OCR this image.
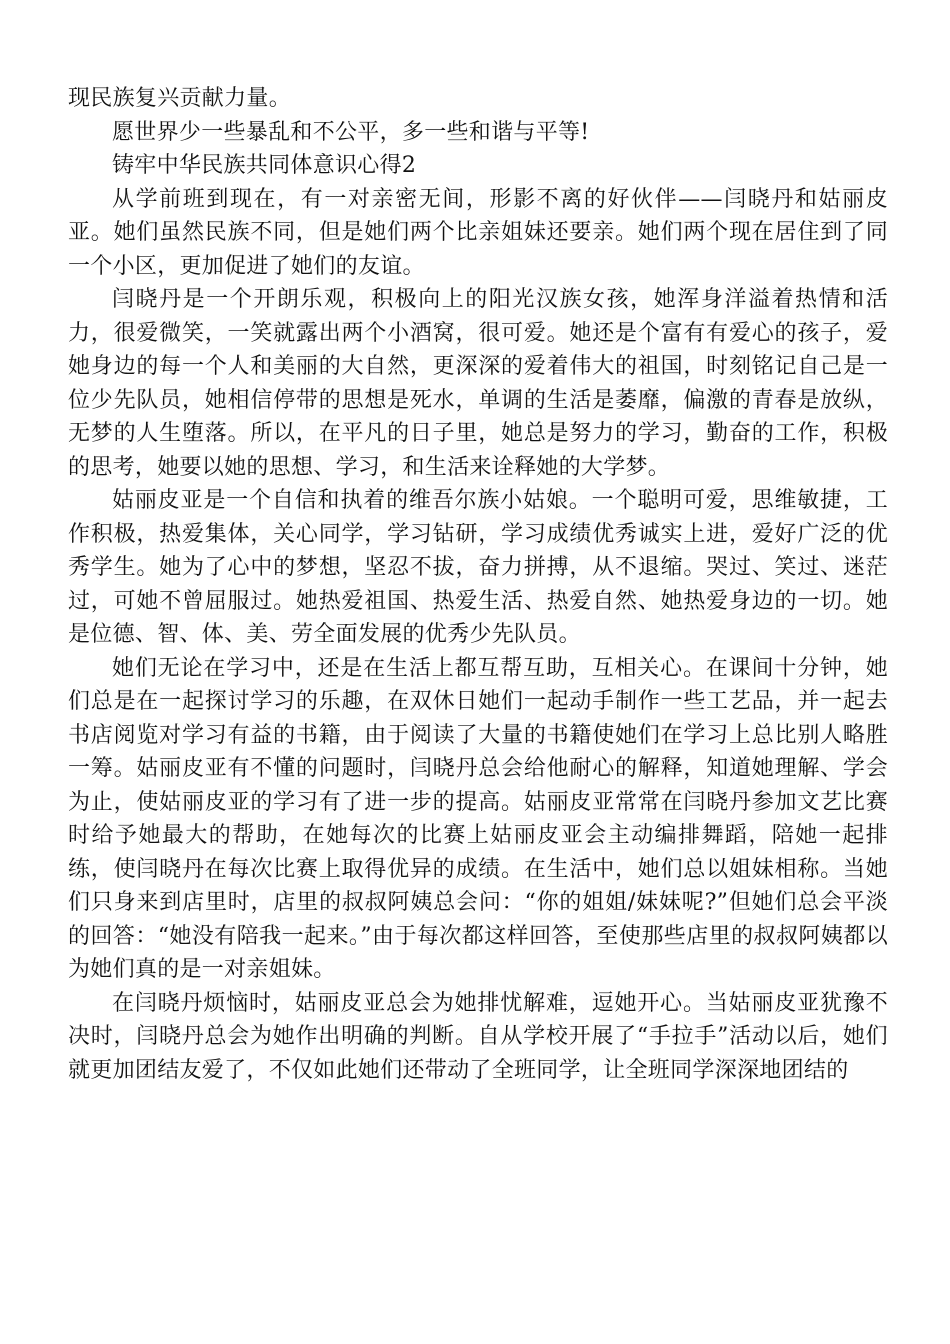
现民族复兴贡献力量。

愿世界少一些暴乱和不公平，多一些和谐与平等!

铸牢中华民族共同体意识心得2

从学前班到现在，有一对亲密无间，形影不离的好伙伴——闫晓丹和姑丽皮亚。她们虽然民族不同，但是她们两个比亲姐妹还要亲。她们两个现在居住到了同一个小区，更加促进了她们的友谊。

闫晓丹是一个开朗乐观，积极向上的阳光汉族女孩，她浑身洋溢着热情和活力，很爱微笑，一笑就露出两个小酒窝，很可爱。她还是个富有有爱心的孩子，爱她身边的每一个人和美丽的大自然，更深深的爱着伟大的祖国，时刻铭记自己是一位少先队员，她相信停带的思想是死水，单调的生活是萎靡，偏激的青春是放纵，无梦的人生堕落。所以，在平凡的日子里，她总是努力的学习，勤奋的工作，积极的思考，她要以她的思想、学习，和生活来诠释她的大学梦。

姑丽皮亚是一个自信和执着的维吾尔族小姑娘。一个聪明可爱，思维敏捷，工作积极，热爱集体，关心同学，学习钻研，学习成绩优秀诚实上进，爱好广泛的优秀学生。她为了心中的梦想，坚忍不拔，奋力拼搏，从不退缩。哭过、笑过、迷茫过，可她不曾屈服过。她热爱祖国、热爱生活、热爱自然、她热爱身边的一切。她是位德、智、体、美、劳全面发展的优秀少先队员。

她们无论在学习中，还是在生活上都互帮互助，互相关心。在课间十分钟，她们总是在一起探讨学习的乐趣，在双休日她们一起动手制作一些工艺品，并一起去书店阅览对学习有益的书籍，由于阅读了大量的书籍使她们在学习上总比别人略胜一筹。姑丽皮亚有不懂的问题时，闫晓丹总会给他耐心的解释，知道她理解、学会为止，使姑丽皮亚的学习有了进一步的提高。姑丽皮亚常常在闫晓丹参加文艺比赛时给予她最大的帮助，在她每次的比赛上姑丽皮亚会主动编排舞蹈，陪她一起排练，使闫晓丹在每次比赛上取得优异的成绩。在生活中，她们总以姐妹相称。当她们只身来到店里时，店里的叔叔阿姨总会问：“你的姐姐/妹妹呢?”但她们总会平淡的回答：“她没有陪我一起来。”由于每次都这样回答，至使那些店里的叔叔阿姨都以为她们真的是一对亲姐妹。

在闫晓丹烦恼时，姑丽皮亚总会为她排忧解难，逗她开心。当姑丽皮亚犹豫不决时，闫晓丹总会为她作出明确的判断。自从学校开展了“手拉手”活动以后，她们就更加团结友爱了，不仅如此她们还带动了全班同学，让全班同学深深地团结的
